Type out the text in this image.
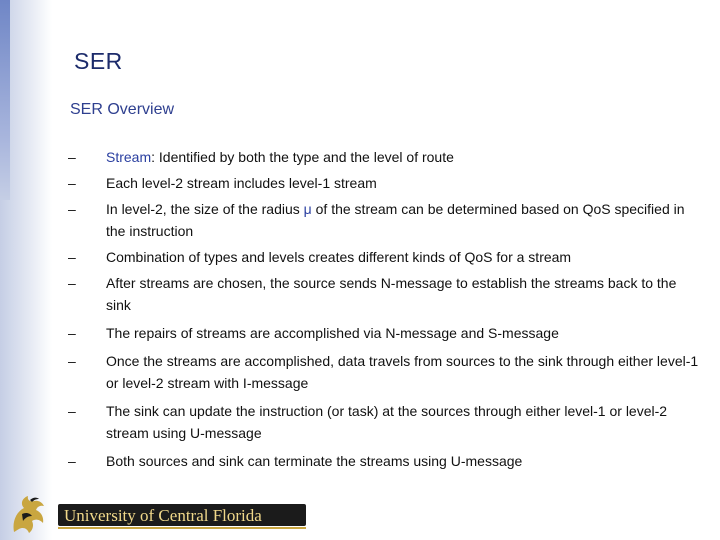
SER
SER Overview
–	Stream: Identified by both the type and the level of route
–	Each level-2 stream includes level-1 stream
–	In level-2, the size of the radius μ of the stream can be determined based on QoS specified in the instruction
–	Combination of types and levels creates different kinds of QoS for a stream
–	After streams are chosen, the source sends N-message to establish the streams back to the sink
–	The repairs of streams are accomplished via N-message and S-message
–	Once the streams are accomplished, data travels from sources to the sink through either level-1 or level-2 stream with I-message
–	The sink can update the instruction (or task) at the sources through either level-1 or level-2 stream using U-message
–	Both sources and sink can terminate the streams using U-message
University of Central Florida
